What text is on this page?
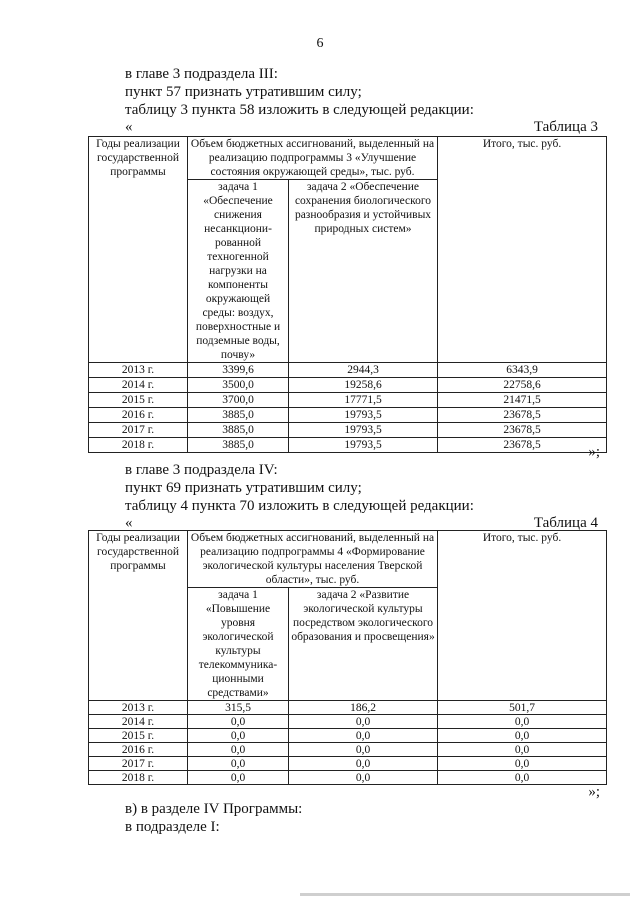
6
в главе 3 подраздела III:
пункт 57 признать утратившим силу;
таблицу 3 пункта 58 изложить в следующей редакции:
«	Таблица 3
Годы реализации государственной программы	Объем бюджетных ассигнований, выделенный на реализацию подпрограммы 3 «Улучшение состояния окружающей среды», тыс. руб.		Итого, тыс. руб.
	задача 1 «Обеспечение снижения несанкциони-рованной техногенной нагрузки на компоненты окружающей среды: воздух, поверхностные и подземные воды, почву»	задача 2 «Обеспечение сохранения биологического разнообразия и устойчивых природных систем»	
2013 г.	3399,6	2944,3	6343,9
2014 г.	3500,0	19258,6	22758,6
2015 г.	3700,0	17771,5	21471,5
2016 г.	3885,0	19793,5	23678,5
2017 г.	3885,0	19793,5	23678,5
2018 г.	3885,0	19793,5	23678,5	»;
в главе 3 подраздела IV:
пункт 69 признать утратившим силу;
таблицу 4 пункта 70 изложить в следующей редакции:
«	Таблица 4
Годы реализации государственной программы	Объем бюджетных ассигнований, выделенный на реализацию подпрограммы 4 «Формирование экологической культуры населения Тверской области», тыс. руб.		Итого, тыс. руб.
	задача 1 «Повышение уровня экологической культуры телекоммуника-ционными средствами»	задача 2 «Развитие экологической культуры посредством экологического образования и просвещения»	
2013 г.	315,5	186,2	501,7
2014 г.	0,0	0,0	0,0
2015 г.	0,0	0,0	0,0
2016 г.	0,0	0,0	0,0
2017 г.	0,0	0,0	0,0
2018 г.	0,0	0,0	0,0
»;
в) в разделе IV Программы:
в подразделе I:
